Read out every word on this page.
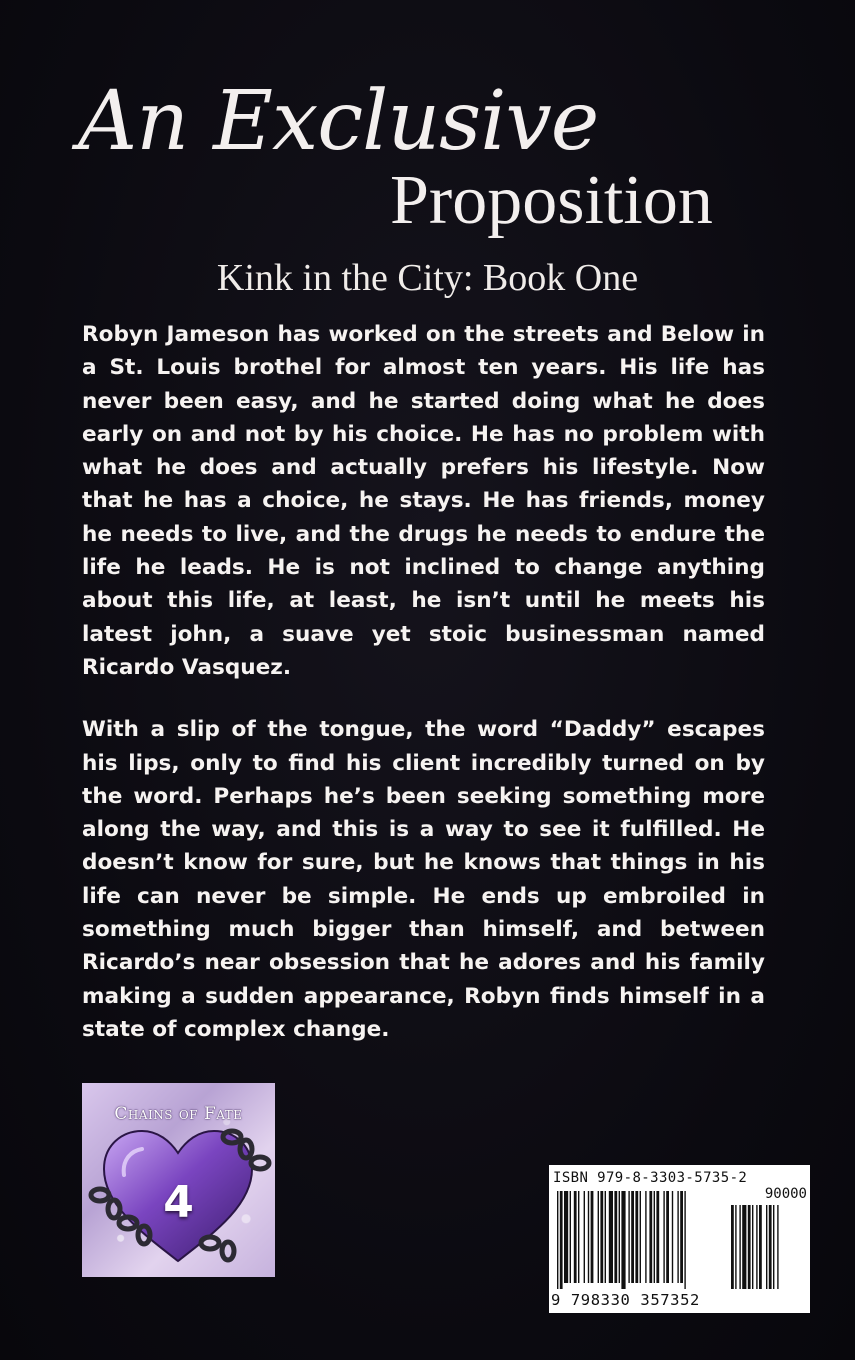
An Exclusive
Proposition
Kink in the City: Book One

Robyn Jameson has worked on the streets and Below in a St. Louis brothel for almost ten years. His life has never been easy, and he started doing what he does early on and not by his choice. He has no problem with what he does and actually prefers his lifestyle. Now that he has a choice, he stays. He has friends, money he needs to live, and the drugs he needs to endure the life he leads. He is not inclined to change anything about this life, at least, he isn’t until he meets his latest john, a suave yet stoic businessman named Ricardo Vasquez.

With a slip of the tongue, the word “Daddy” escapes his lips, only to find his client incredibly turned on by the word. Perhaps he’s been seeking something more along the way, and this is a way to see it fulfilled. He doesn’t know for sure, but he knows that things in his life can never be simple. He ends up embroiled in something much bigger than himself, and between Ricardo’s near obsession that he adores and his family making a sudden appearance, Robyn finds himself in a state of complex change.

Chains of Fate
4	ISBN 979-8-3303-5735-2
90000
9 798330 357352
